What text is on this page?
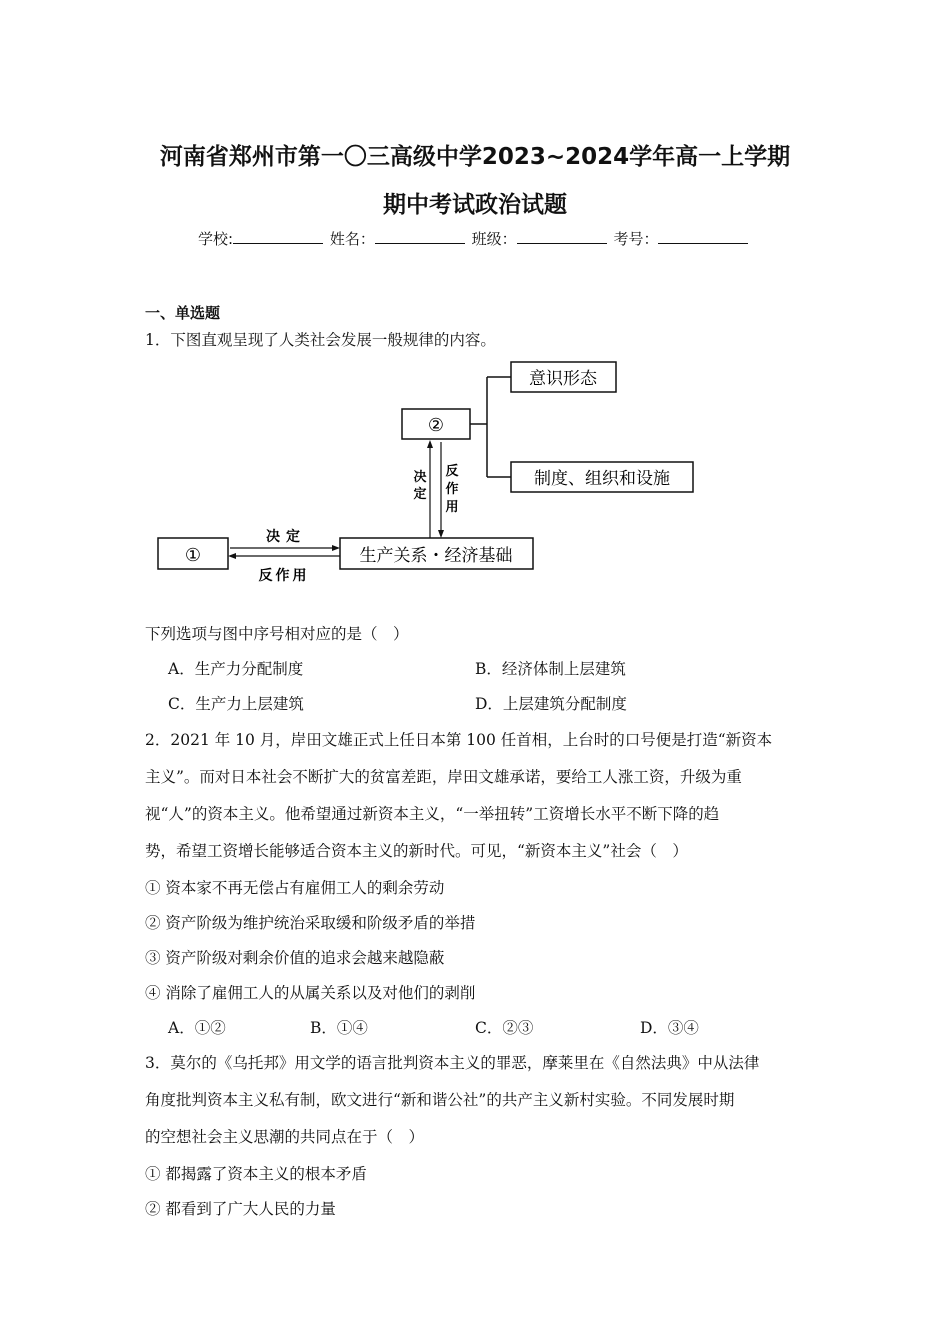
河南省郑州市第一〇三高级中学2023~2024学年高一上学期
期中考试政治试题
学校:	姓名：	班级：	考号：
一、单选题
1．下图直观呈现了人类社会发展一般规律的内容。
②
意识形态
制度、组织和设施
决
定
反
作
用
生产关系・经济基础
①
决定
反作用
下列选项与图中序号相对应的是（　）
A．生产力分配制度	B．经济体制上层建筑
C．生产力上层建筑	D．上层建筑分配制度
2．2021 年 10 月，岸田文雄正式上任日本第 100 任首相，上台时的口号便是打造“新资本
主义”。而对日本社会不断扩大的贫富差距，岸田文雄承诺，要给工人涨工资，升级为重
视“人”的资本主义。他希望通过新资本主义，“一举扭转”工资增长水平不断下降的趋
势，希望工资增长能够适合资本主义的新时代。可见，“新资本主义”社会（　）
① 资本家不再无偿占有雇佣工人的剩余劳动
② 资产阶级为维护统治采取缓和阶级矛盾的举措
③ 资产阶级对剩余价值的追求会越来越隐蔽
④ 消除了雇佣工人的从属关系以及对他们的剥削
A．①②	B．①④	C．②③	D．③④
3．莫尔的《乌托邦》用文学的语言批判资本主义的罪恶，摩莱里在《自然法典》中从法律
角度批判资本主义私有制，欧文进行“新和谐公社”的共产主义新村实验。不同发展时期
的空想社会主义思潮的共同点在于（　）
① 都揭露了资本主义的根本矛盾
② 都看到了广大人民的力量
